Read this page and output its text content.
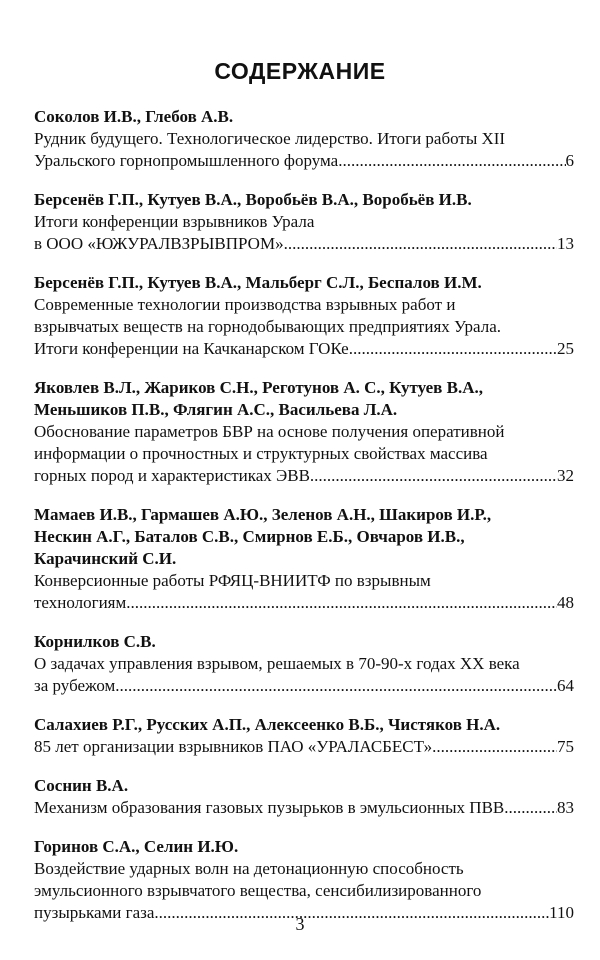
СОДЕРЖАНИЕ
Соколов И.В., Глебов А.В.
Рудник будущего. Технологическое лидерство. Итоги работы XII
Уральского горнопромышленного форума .....	6
Берсенёв Г.П., Кутуев В.А., Воробьёв В.А., Воробьёв И.В.
Итоги конференции взрывников Урала
в ООО «ЮЖУРАЛВЗРЫВПРОМ» .....	13
Берсенёв Г.П., Кутуев В.А., Мальберг С.Л., Беспалов И.М.
Современные технологии производства взрывных работ и
взрывчатых веществ на горнодобывающих предприятиях Урала.
Итоги конференции на Качканарском ГОКе .....	25
Яковлев В.Л., Жариков С.Н., Реготунов А. С., Кутуев В.А.,
Меньшиков П.В., Флягин А.С., Васильева Л.А.
Обоснование параметров БВР на основе получения оперативной
информации о прочностных и структурных свойствах массива
горных пород и характеристиках ЭВВ .....	32
Мамаев И.В., Гармашев А.Ю., Зеленов А.Н., Шакиров И.Р.,
Нескин А.Г., Баталов С.В., Смирнов Е.Б., Овчаров И.В.,
Карачинский С.И.
Конверсионные работы РФЯЦ-ВНИИТФ по взрывным
технологиям .....	48
Корнилков С.В.
О задачах управления взрывом, решаемых в 70-90-х годах XX века
за рубежом .....	64
Салахиев Р.Г., Русских А.П., Алексеенко В.Б., Чистяков Н.А.
85 лет организации взрывников ПАО «УРАЛАСБЕСТ» .....	75
Соснин В.А.
Механизм образования газовых пузырьков в эмульсионных ПВВ .....	83
Горинов С.А., Селин И.Ю.
Воздействие ударных волн на детонационную способность
эмульсионного взрывчатого вещества, сенсибилизированного
пузырьками газа .....	110
3
